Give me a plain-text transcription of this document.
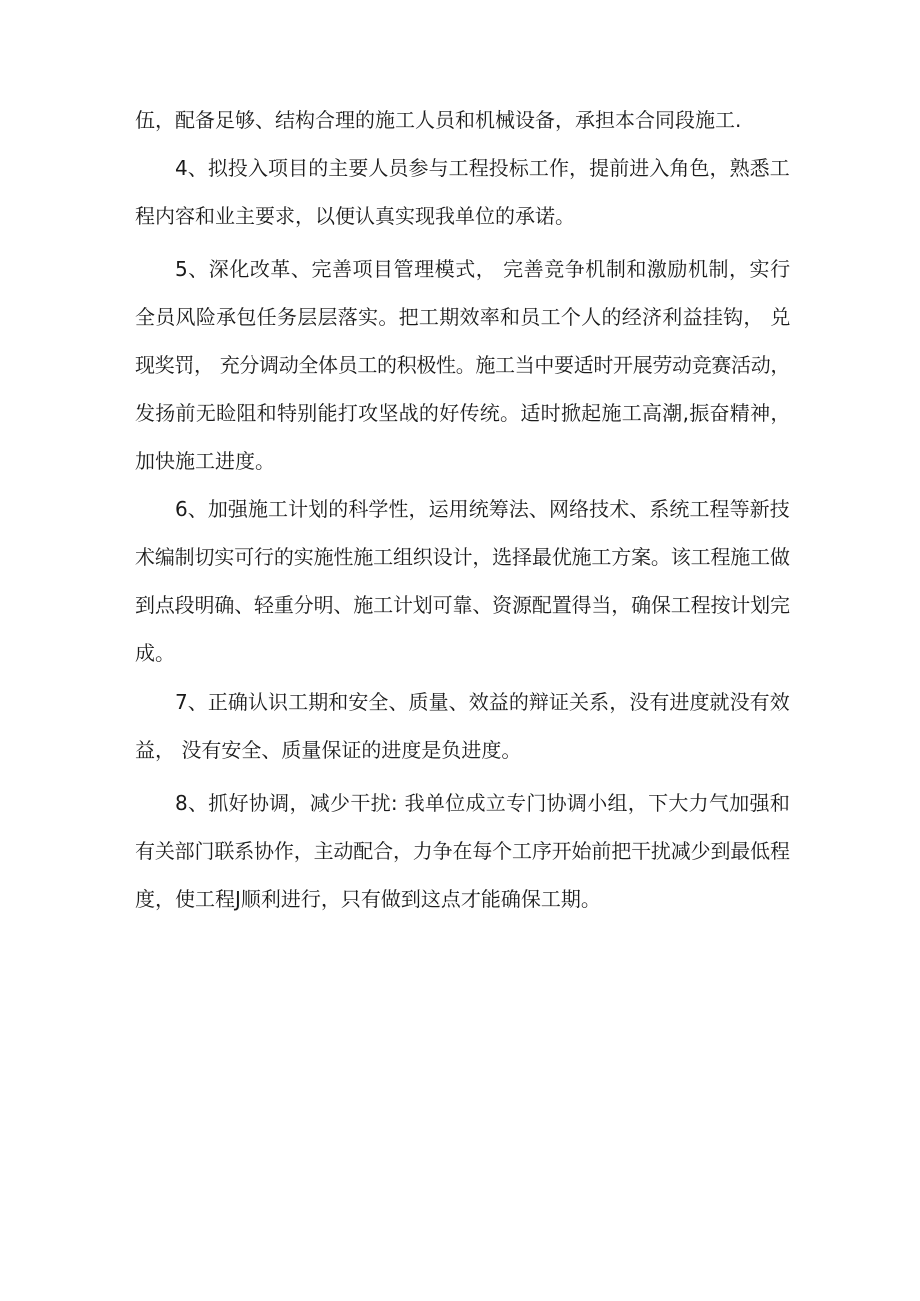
伍，配备足够、结构合理的施工人员和机械设备，承担本合同段施工.
4、拟投入项目的主要人员参与工程投标工作，提前进入角色，熟悉工
程内容和业主要求，以便认真实现我单位的承诺。
5、深化改革、完善项目管理模式， 完善竞争机制和激励机制，实行
全员风险承包任务层层落实。把工期效率和员工个人的经济利益挂钩， 兑
现奖罚， 充分调动全体员工的积极性。施工当中要适时开展劳动竞赛活动，
发扬前无睑阻和特别能打攻坚战的好传统。适时掀起施工高潮,振奋精神，
加快施工进度。
6、加强施工计划的科学性，运用统筹法、网络技术、系统工程等新技
术编制切实可行的实施性施工组织设计，选择最优施工方案。该工程施工做
到点段明确、轻重分明、施工计划可靠、资源配置得当，确保工程按计划完
成。
7、正确认识工期和安全、质量、效益的辩证关系，没有进度就没有效
益， 没有安全、质量保证的进度是负进度。
8、抓好协调，减少干扰: 我单位成立专门协调小组，下大力气加强和
有关部门联系协作，主动配合，力争在每个工序开始前把干扰减少到最低程
度，使工程J顺利进行，只有做到这点才能确保工期。
